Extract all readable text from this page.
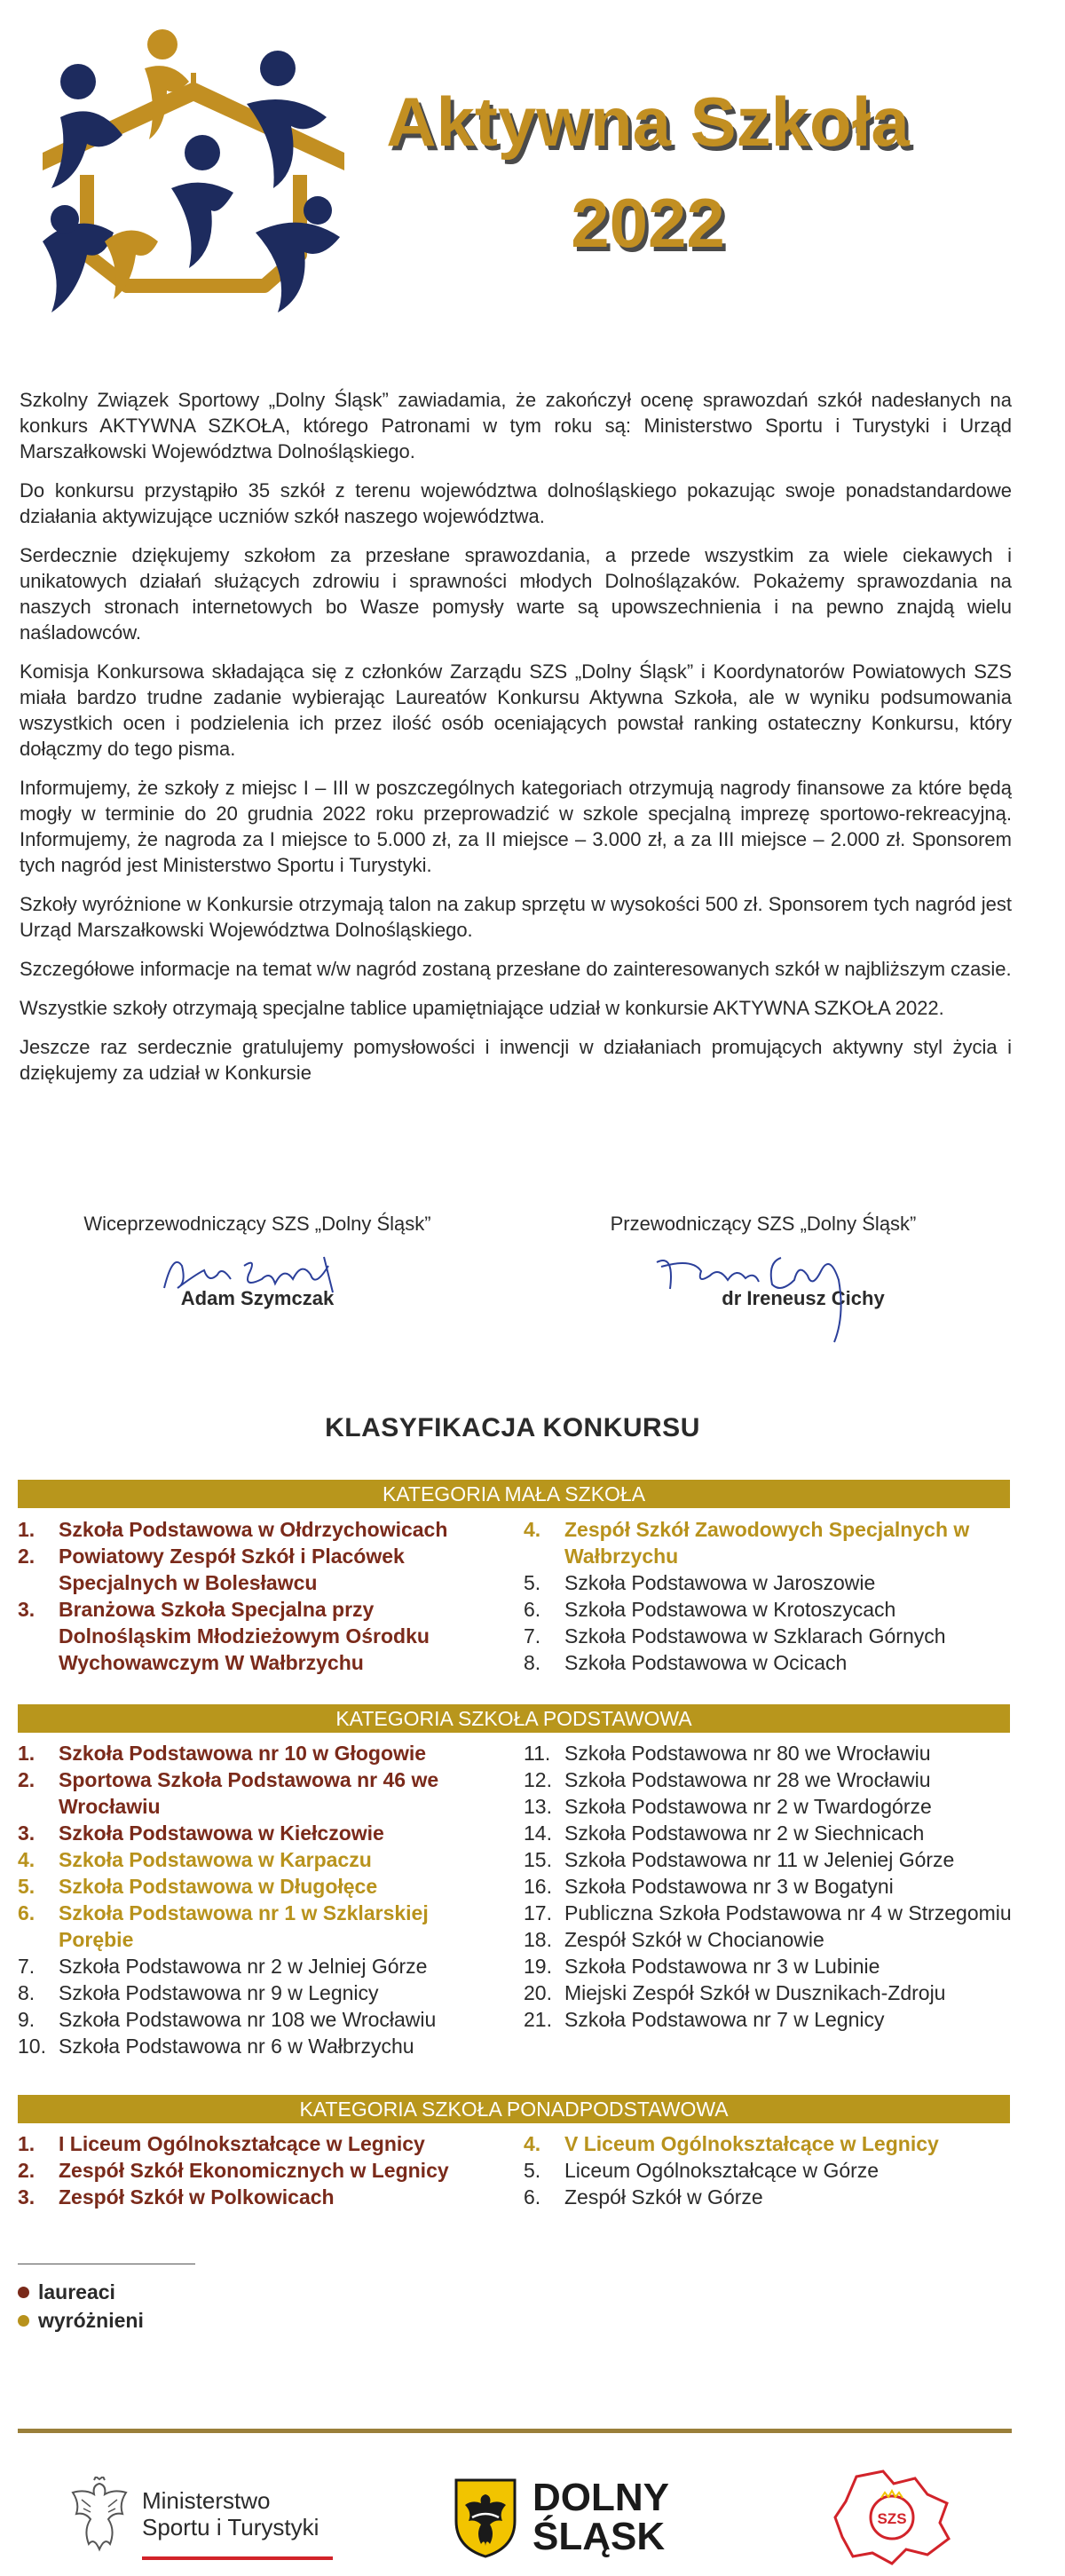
Aktywna Szkoła
2022

Szkolny Związek Sportowy „Dolny Śląsk” zawiadamia, że zakończył ocenę sprawozdań szkół nadesłanych na konkurs AKTYWNA SZKOŁA, którego Patronami w tym roku są: Ministerstwo Sportu i Turystyki i Urząd Marszałkowski Województwa Dolnośląskiego.

Do konkursu przystąpiło 35 szkół z terenu województwa dolnośląskiego pokazując swoje ponadstandardowe działania aktywizujące uczniów szkół naszego województwa.

Serdecznie dziękujemy szkołom za przesłane sprawozdania, a przede wszystkim za wiele ciekawych i unikatowych działań służących zdrowiu i sprawności młodych Dolnoślązaków. Pokażemy sprawozdania na naszych stronach internetowych bo Wasze pomysły warte są upowszechnienia i na pewno znajdą wielu naśladowców.

Komisja Konkursowa składająca się z członków Zarządu SZS „Dolny Śląsk” i Koordynatorów Powiatowych SZS miała bardzo trudne zadanie wybierając Laureatów Konkursu Aktywna Szkoła, ale w wyniku podsumowania wszystkich ocen i podzielenia ich przez ilość osób oceniających powstał ranking ostateczny Konkursu, który dołączmy do tego pisma.

Informujemy, że szkoły z miejsc I – III w poszczególnych kategoriach otrzymują nagrody finansowe za które będą mogły w terminie do 20 grudnia 2022 roku przeprowadzić w szkole specjalną imprezę sportowo-rekreacyjną. Informujemy, że nagroda za I miejsce to 5.000 zł, za II miejsce – 3.000 zł, a za III miejsce – 2.000 zł. Sponsorem tych nagród jest Ministerstwo Sportu i Turystyki.

Szkoły wyróżnione w Konkursie otrzymają talon na zakup sprzętu w wysokości 500 zł. Sponsorem tych nagród jest Urząd Marszałkowski Województwa Dolnośląskiego.

Szczegółowe informacje na temat w/w nagród zostaną przesłane do zainteresowanych szkół w najbliższym czasie.

Wszystkie szkoły otrzymają specjalne tablice upamiętniające udział w konkursie AKTYWNA SZKOŁA 2022.

Jeszcze raz serdecznie gratulujemy pomysłowości i inwencji w działaniach promujących aktywny styl życia i dziękujemy za udział w Konkursie

Wiceprzewodniczący SZS „Dolny Śląsk”
Adam Szymczak
Przewodniczący SZS „Dolny Śląsk”
dr Ireneusz Cichy
KLASYFIKACJA KONKURSU
KATEGORIA MAŁA SZKOŁA
1. Szkoła Podstawowa w Ołdrzychowicach
2. Powiatowy Zespół Szkół i Placówek Specjalnych w Bolesławcu
3. Branżowa Szkoła Specjalna przy Dolnośląskim Młodzieżowym Ośrodku Wychowawczym W Wałbrzychu
4. Zespół Szkół Zawodowych Specjalnych w Wałbrzychu
5. Szkoła Podstawowa w Jaroszowie
6. Szkoła Podstawowa w Krotoszycach
7. Szkoła Podstawowa w Szklarach Górnych
8. Szkoła Podstawowa w Ocicach
KATEGORIA SZKOŁA PODSTAWOWA
1. Szkoła Podstawowa nr 10 w Głogowie
2. Sportowa Szkoła Podstawowa nr 46 we Wrocławiu
3. Szkoła Podstawowa w Kiełczowie
4. Szkoła Podstawowa w Karpaczu
5. Szkoła Podstawowa w Długołęce
6. Szkoła Podstawowa nr 1 w Szklarskiej Porębie
7. Szkoła Podstawowa nr 2 w Jelniej Górze
8. Szkoła Podstawowa nr 9 w Legnicy
9. Szkoła Podstawowa nr 108 we Wrocławiu
10. Szkoła Podstawowa nr 6 w Wałbrzychu
11. Szkoła Podstawowa nr 80 we Wrocławiu
12. Szkoła Podstawowa nr 28 we Wrocławiu
13. Szkoła Podstawowa nr 2 w Twardogórze
14. Szkoła Podstawowa nr 2 w Siechnicach
15. Szkoła Podstawowa nr 11 w Jeleniej Górze
16. Szkoła Podstawowa nr 3 w Bogatyni
17. Publiczna Szkoła Podstawowa nr 4 w Strzegomiu
18. Zespół Szkół w Chocianowie
19. Szkoła Podstawowa nr 3 w Lubinie
20. Miejski Zespół Szkół w Dusznikach-Zdroju
21. Szkoła Podstawowa nr 7 w Legnicy
KATEGORIA SZKOŁA PONADPODSTAWOWA
1. I Liceum Ogólnokształcące w Legnicy
2. Zespół Szkół Ekonomicznych w Legnicy
3. Zespół Szkół w Polkowicach
4. V Liceum Ogólnokształcące w Legnicy
5. Liceum Ogólnokształcące w Górze
6. Zespół Szkół w Górze
laureaci
wyróżnieni
Ministerstwo
Sportu i Turystyki
DOLNY
ŚLĄSK	SZS
